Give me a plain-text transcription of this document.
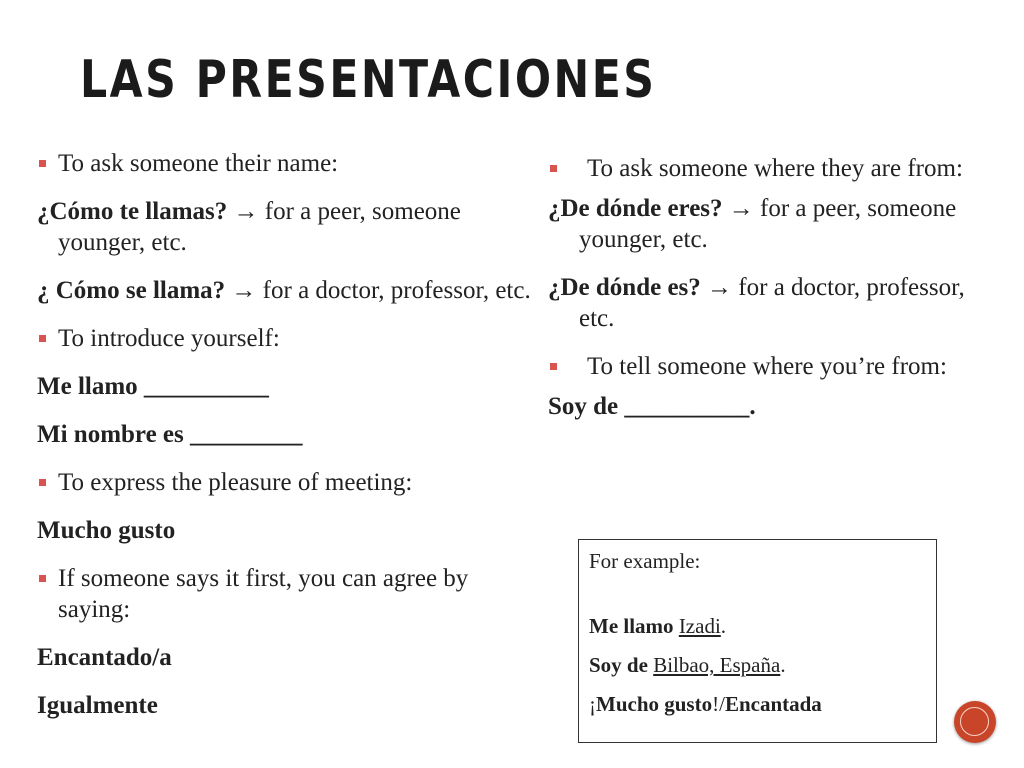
LAS PRESENTACIONES
To ask someone their name:
¿Cómo te llamas? → for a peer, someone younger, etc.
¿ Cómo se llama? → for a doctor, professor, etc.
To introduce yourself:
Me llamo __________
Mi nombre es _________
To express the pleasure of meeting:
Mucho gusto
If someone says it first, you can agree by saying:
Encantado/a
Igualmente
To ask someone where they are from:
¿De dónde eres? → for a peer, someone younger, etc.
¿De dónde es? → for a doctor, professor, etc.
To tell someone where you’re from:
Soy de __________.

For example:

Me llamo Izadi.

Soy de Bilbao, España.

¡Mucho gusto!/Encantada
